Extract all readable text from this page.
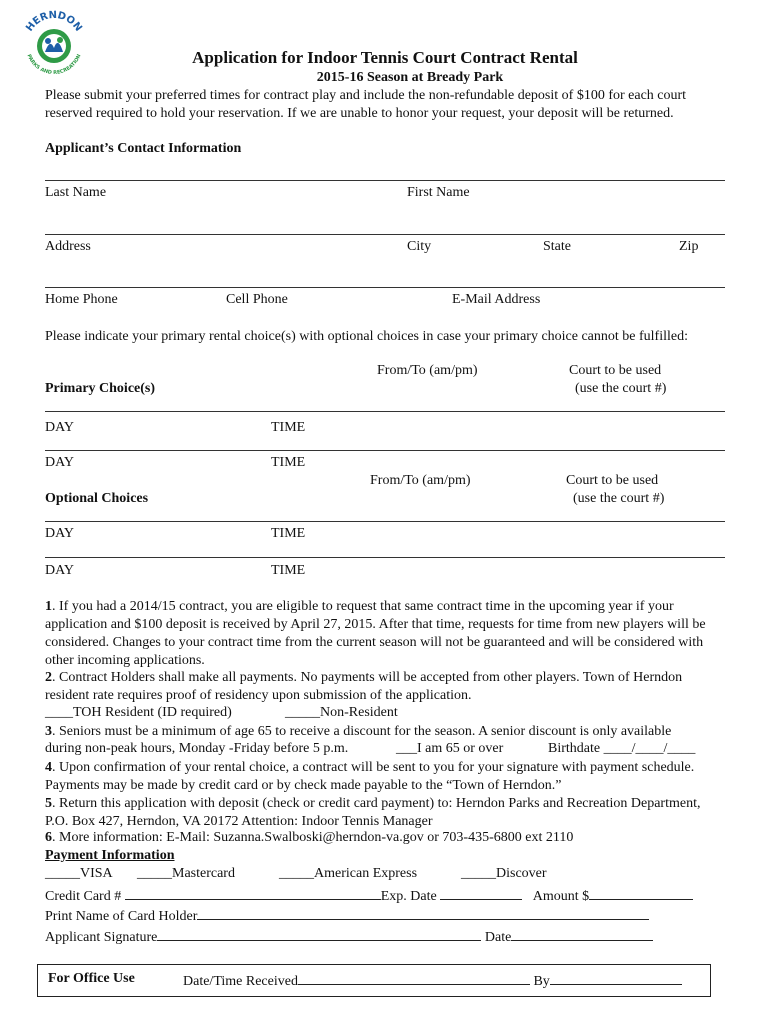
HERNDON
PARKS AND RECREATION	Application for Indoor Tennis Court Contract Rental
2015-16 Season at Bready Park
Please submit your preferred times for contract play and include the non-refundable deposit of $100 for each court reserved required to hold your reservation. If we are unable to honor your request, your deposit will be returned.
Applicant’s Contact Information
Last Name	First Name
Address	City	State	Zip
Home Phone	Cell Phone	E-Mail Address
Please indicate your primary rental choice(s) with optional choices in case your primary choice cannot be fulfilled:
From/To (am/pm)	Court to be used
(use the court #)
Primary Choice(s)
DAY	TIME
DAY	TIME
From/To (am/pm)	Court to be used
(use the court #)
Optional Choices
DAY	TIME
DAY	TIME
1. If you had a 2014/15 contract, you are eligible to request that same contract time in the upcoming year if your application and $100 deposit is received by April 27, 2015. After that time, requests for time from new players will be considered. Changes to your contract time from the current season will not be guaranteed and will be considered with other incoming applications.
2. Contract Holders shall make all payments. No payments will be accepted from other players. Town of Herndon resident rate requires proof of residency upon submission of the application.
____TOH Resident (ID required)	_____Non-Resident
3. Seniors must be a minimum of age 65 to receive a discount for the season. A senior discount is only available
during non-peak hours, Monday -Friday before 5 p.m.	___I am 65 or over	Birthdate ____/____/____
4. Upon confirmation of your rental choice, a contract will be sent to you for your signature with payment schedule. Payments may be made by credit card or by check made payable to the “Town of Herndon.”
5. Return this application with deposit (check or credit card payment) to: Herndon Parks and Recreation Department, P.O. Box 427, Herndon, VA 20172 Attention: Indoor Tennis Manager
6. More information: E-Mail: Suzanna.Swalboski@herndon-va.gov or 703-435-6800 ext 2110
Payment Information
_____VISA _____Mastercard	_____American Express	_____Discover
Credit Card #	Exp. Date	Amount $
Print Name of Card Holder
Applicant Signature	Date
For Office Use	Date/Time Received	By
